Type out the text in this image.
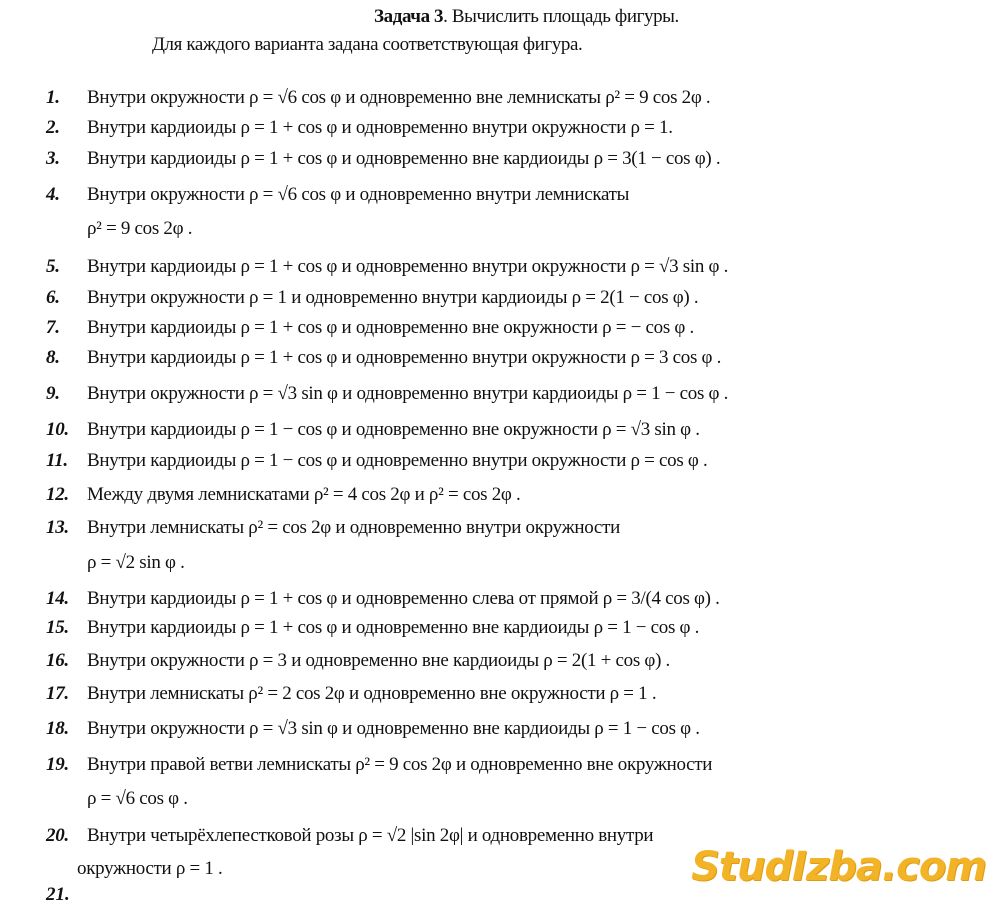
Задача 3. Вычислить площадь фигуры.
Для каждого варианта задана соответствующая фигура.
1. Внутри окружности ρ = √6 cos φ и одновременно вне лемнискаты ρ² = 9 cos 2φ .
2. Внутри кардиоиды ρ = 1 + cos φ и одновременно внутри окружности ρ = 1.
3. Внутри кардиоиды ρ = 1 + cos φ и одновременно вне кардиоиды ρ = 3(1 − cos φ) .
4. Внутри окружности ρ = √6 cos φ и одновременно внутри лемнискаты
ρ² = 9 cos 2φ .
5. Внутри кардиоиды ρ = 1 + cos φ и одновременно внутри окружности ρ = √3 sin φ .
6. Внутри окружности ρ = 1 и одновременно внутри кардиоиды ρ = 2(1 − cos φ) .
7. Внутри кардиоиды ρ = 1 + cos φ и одновременно вне окружности ρ = − cos φ .
8. Внутри кардиоиды ρ = 1 + cos φ и одновременно внутри окружности ρ = 3 cos φ .
9. Внутри окружности ρ = √3 sin φ и одновременно внутри кардиоиды ρ = 1 − cos φ .
10. Внутри кардиоиды ρ = 1 − cos φ и одновременно вне окружности ρ = √3 sin φ .
11. Внутри кардиоиды ρ = 1 − cos φ и одновременно внутри окружности ρ = cos φ .
12. Между двумя лемнискатами ρ² = 4 cos 2φ и ρ² = cos 2φ .
13. Внутри лемнискаты ρ² = cos 2φ и одновременно внутри окружности
ρ = √2 sin φ .
14. Внутри кардиоиды ρ = 1 + cos φ и одновременно слева от прямой ρ = 3/(4 cos φ) .
15. Внутри кардиоиды ρ = 1 + cos φ и одновременно вне кардиоиды ρ = 1 − cos φ .
16. Внутри окружности ρ = 3 и одновременно вне кардиоиды ρ = 2(1 + cos φ) .
17. Внутри лемнискаты ρ² = 2 cos 2φ и одновременно вне окружности ρ = 1 .
18. Внутри окружности ρ = √3 sin φ и одновременно вне кардиоиды ρ = 1 − cos φ .
19. Внутри правой ветви лемнискаты ρ² = 9 cos 2φ и одновременно вне окружности
ρ = √6 cos φ .
20. Внутри четырёхлепестковой розы ρ = √2 |sin 2φ| и одновременно внутри
окружности ρ = 1 .
21.
StudIzba.com
